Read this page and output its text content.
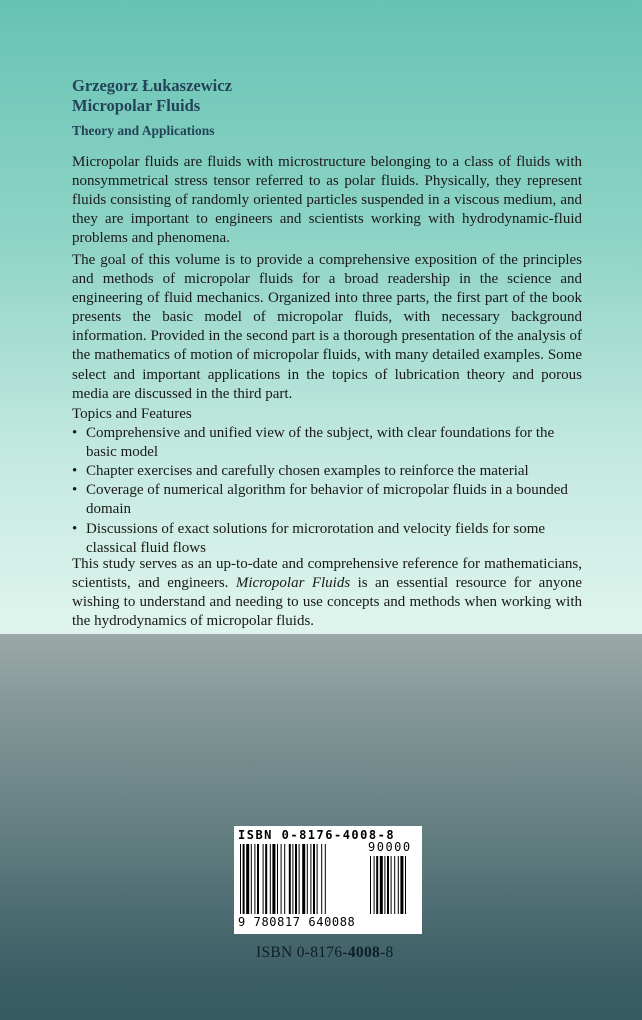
Grzegorz Łukaszewicz
Micropolar Fluids
Theory and Applications

Micropolar fluids are fluids with microstructure belonging to a class of fluids with nonsymmetrical stress tensor referred to as polar fluids. Physically, they represent fluids consisting of randomly oriented particles suspended in a viscous medium, and they are important to engineers and scientists working with hydrodynamic-fluid problems and phenomena.

The goal of this volume is to provide a comprehensive exposition of the principles and methods of micropolar fluids for a broad readership in the science and engineering of fluid mechanics. Organized into three parts, the first part of the book presents the basic model of micropolar fluids, with necessary background information. Provided in the second part is a thorough presentation of the analysis of the mathematics of motion of micropolar fluids, with many detailed examples. Some select and important applications in the topics of lubrication theory and porous media are discussed in the third part.

Topics and Features

• Comprehensive and unified view of the subject, with clear foundations for the basic model
• Chapter exercises and carefully chosen examples to reinforce the material
• Coverage of numerical algorithm for behavior of micropolar fluids in a bounded domain
• Discussions of exact solutions for microrotation and velocity fields for some classical fluid flows

This study serves as an up-to-date and comprehensive reference for mathematicians, scientists, and engineers. Micropolar Fluids is an essential resource for anyone wishing to understand and needing to use concepts and methods when working with the hydrodynamics of micropolar fluids.

ISBN 0-8176-4008-8
90000
9 780817 640088
ISBN 0-8176-4008-8
